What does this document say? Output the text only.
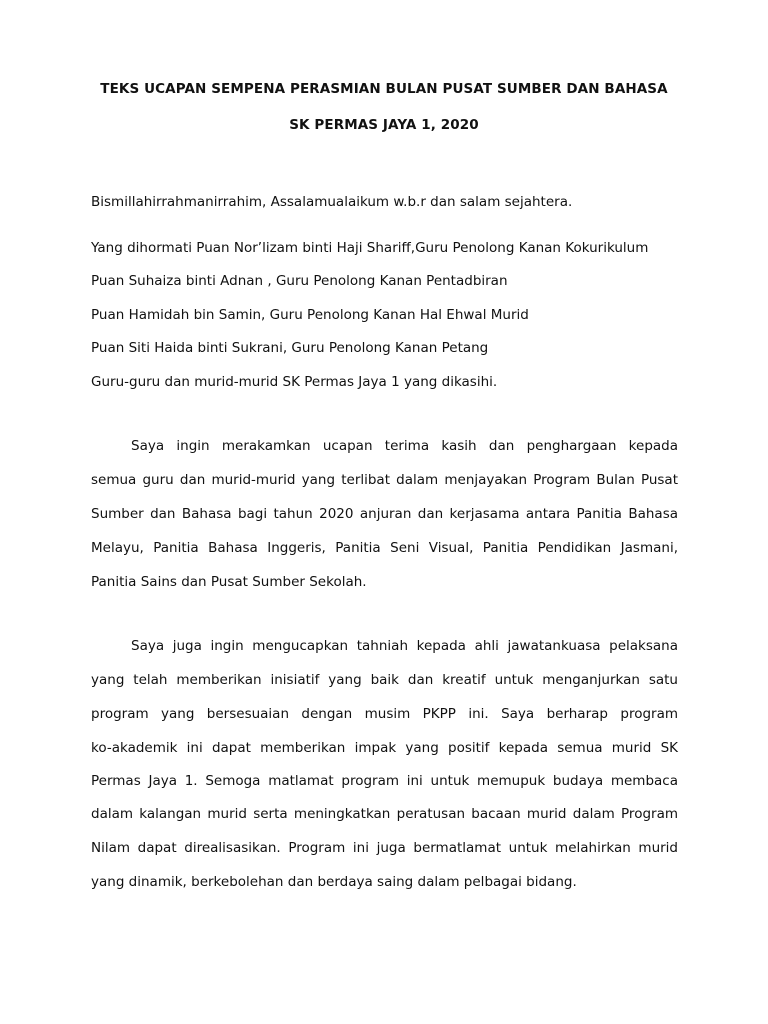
TEKS UCAPAN SEMPENA PERASMIAN BULAN PUSAT SUMBER DAN BAHASA
SK PERMAS JAYA 1, 2020
Bismillahirrahmanirrahim, Assalamualaikum w.b.r dan salam sejahtera.
Yang dihormati Puan Nor’lizam binti Haji Shariff,Guru Penolong Kanan Kokurikulum
Puan Suhaiza binti Adnan , Guru Penolong Kanan Pentadbiran
Puan Hamidah bin Samin, Guru Penolong Kanan Hal Ehwal Murid
Puan Siti Haida binti Sukrani, Guru Penolong Kanan Petang
Guru-guru dan murid-murid SK Permas Jaya 1 yang dikasihi.
Saya ingin merakamkan ucapan terima kasih dan penghargaan kepada
semua guru dan murid-murid yang terlibat dalam menjayakan Program Bulan Pusat
Sumber dan Bahasa bagi tahun 2020 anjuran dan kerjasama antara Panitia Bahasa
Melayu, Panitia Bahasa Inggeris, Panitia Seni Visual, Panitia Pendidikan Jasmani,
Panitia Sains dan Pusat Sumber Sekolah.
Saya juga ingin mengucapkan tahniah kepada ahli jawatankuasa pelaksana
yang telah memberikan inisiatif yang baik dan kreatif untuk menganjurkan satu
program yang bersesuaian dengan musim PKPP ini. Saya berharap program
ko-akademik ini dapat memberikan impak yang positif kepada semua murid SK
Permas Jaya 1. Semoga matlamat program ini untuk memupuk budaya membaca
dalam kalangan murid serta meningkatkan peratusan bacaan murid dalam Program
Nilam dapat direalisasikan. Program ini juga bermatlamat untuk melahirkan murid
yang dinamik, berkebolehan dan berdaya saing dalam pelbagai bidang.
